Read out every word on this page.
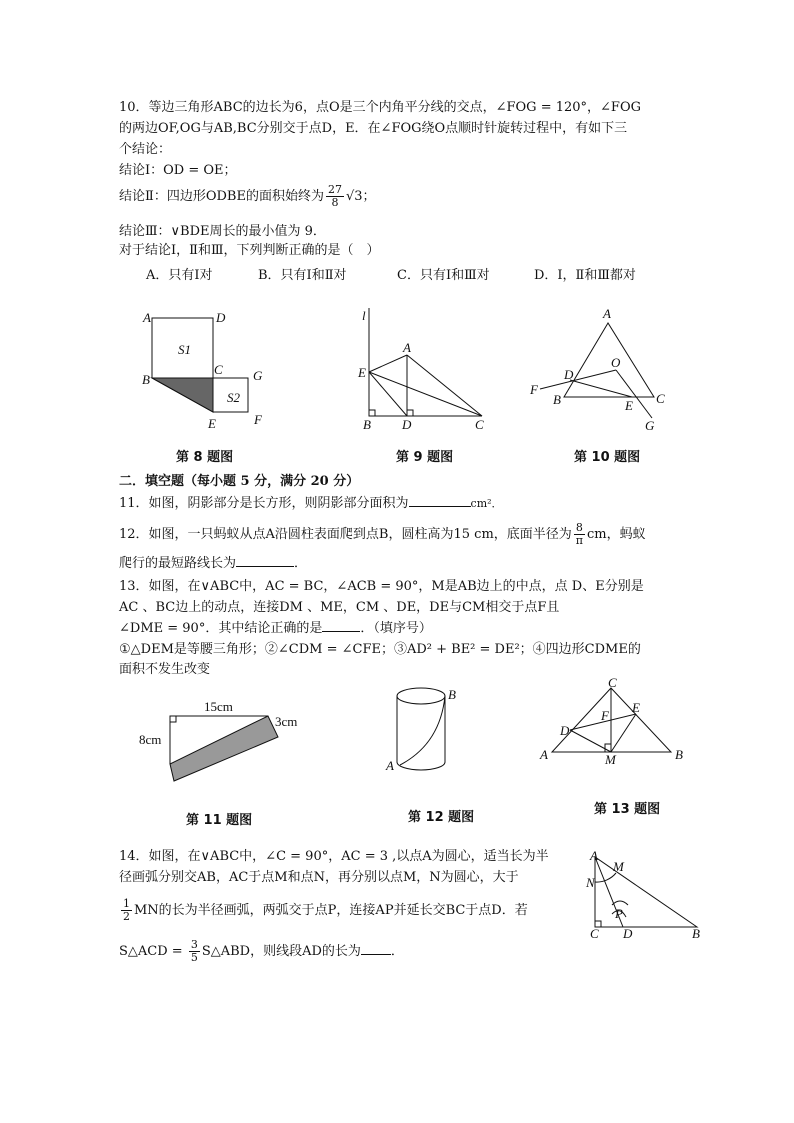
10．等边三角形ABC的边长为6，点O是三个内角平分线的交点，∠FOG = 120°，∠FOG
的两边OF,OG与AB,BC分别交于点D，E．在∠FOG绕O点顺时针旋转过程中，有如下三
个结论：
结论Ⅰ：OD = OE；
结论Ⅱ：四边形ODBE的面积始终为 $\frac{27}{8} √3$；
结论Ⅲ：∨BDE周长的最小值为 9．
对于结论Ⅰ，Ⅱ和Ⅲ，下列判断正确的是（　）
A．只有Ⅰ对	B．只有Ⅰ和Ⅱ对	C．只有Ⅰ和Ⅲ对	D．Ⅰ，Ⅱ和Ⅲ都对
A	D
B
C G
E	F
S1
S2
第 8 题图
l
A
E
B D	C
第 9 题图
A
O
F
D
B	E C
G
第 10 题图
二．填空题（每小题 5 分，满分 20 分）
11．如图，阴影部分是长方形，则阴影部分面积为	cm²．
12．如图，一只蚂蚁从点A沿圆柱表面爬到点B，圆柱高为15 cm，底面半径为 $\frac{8}{\pi}$ cm，蚂蚁
爬行的最短路线长为	．
13．如图，在∨ABC中，AC = BC，∠ACB = 90°，M是AB边上的中点，点 D、E分别是
AC 、BC边上的动点，连接DM 、ME，CM 、DE，DE与CM相交于点F且
∠DME = 90°．其中结论正确的是	．（填序号）
①△DEM是等腰三角形；②∠CDM = ∠CFE；③AD² + BE² = DE²；④四边形CDME的
面积不发生改变
15cm
8cm
3cm
第 11 题图
B
A
第 12 题图
C
E
F
D
A	M	B
第 13 题图
14．如图，在∨ABC中，∠C = 90°，AC = 3 ,以点A为圆心，适当长为半
径画弧分别交AB，AC于点M和点N，再分别以点M，N为圆心，大于
$\frac{1}{2}$ MN的长为半径画弧，两弧交于点P，连接AP并延长交BC于点D．若
S△ACD = $\frac{3}{5}$ S△ABD，则线段AD的长为 ．
A
M
N
P
C D	B
